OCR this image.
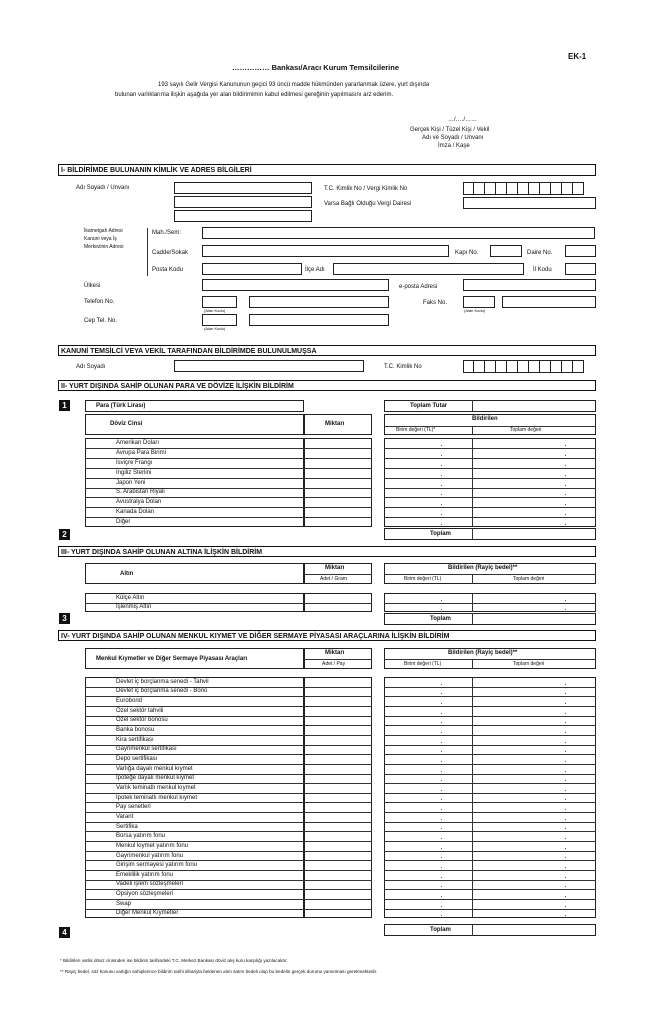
EK-1
…………… Bankası/Aracı Kurum Temsilcilerine
193 sayılı Gelir Vergisi Kanununun geçici 93 üncü madde hükmünden yararlanmak üzere, yurt dışında
bulunan varlıklarıma ilişkin aşağıda yer alan bildirimimin kabul edilmesi gereğinin yapılmasını arz ederim.
…/…./……
Gerçek Kişi / Tüzel Kişi / Vekil
Adı ve Soyadı / Unvanı
İmza / Kaşe
I- BİLDİRİMDE BULUNANIN KİMLİK VE ADRES BİLGİLERİ
Adı Soyadı / Unvanı	T.C. Kimlik No / Vergi Kimlik No
Varsa Bağlı Olduğu Vergi Dairesi
İkametgah Adresi
Kanuni veya İş
Merkezinin Adresi
Mah./Sem:
Cadde/Sokak	Kapı No.	Daire No.
Posta Kodu	İlçe Adı	İl Kodu
Ülkesi	e-posta Adresi
Telefon No.
(Alan Kodu)
Faks No.
(Alan Kodu)
Cep Tel. No.
(Alan Kodu)
KANUNİ TEMSİLCİ VEYA VEKİL TARAFINDAN BİLDİRİMDE BULUNULMUŞSA
Adı Soyadı	T.C. Kimlik No
II- YURT DIŞINDA SAHİP OLUNAN PARA VE DÖVİZE İLİŞKİN BİLDİRİM
1	Para (Türk Lirası)	Toplam Tutar
Döviz Cinsi	Miktarı
Bildirilen
Birim değeri (TL)*	Toplam değeri
Amerikan Doları
Avrupa Para Birimi
İsviçre Frangı
İngiliz Sterlini
Japon Yeni
S. Arabistan Riyali
Avustralya Doları
Kanada Doları
Diğer
2	Toplam
III- YURT DIŞINDA SAHİP OLUNAN ALTINA İLİŞKİN BİLDİRİM
Altın
Miktarı
Adet / Gram
Bildirilen (Rayiç bedel)**
Birim değeri (TL)	Toplam değeri
Külçe Altın
İşlenmiş Altın
3	Toplam
IV- YURT DIŞINDA SAHİP OLUNAN MENKUL KIYMET VE DİĞER SERMAYE PİYASASI ARAÇLARINA İLİŞKİN BİLDİRİM
Menkul Kıymetler ve Diğer Sermaye Piyasası Araçları
Miktarı
Adet / Pay
Bildirilen (Rayiç bedel)**
Birim değeri (TL)	Toplam değeri
Devlet iç borçlanma senedi - Tahvil
Devlet iç borçlanma senedi - Bono
Eurobond
Özel sektör tahvili
Özel sektör bonosu
Banka bonosu
Kira sertifikası
Gayrimenkul sertifikası
Depo sertifikası
Varlığa dayalı menkul kıymet
İpoteğe dayalı menkul kıymet
Varlık teminatlı menkul kıymet
İpotek teminatlı menkul kıymet
Pay senetleri
Varant
Sertifika
Borsa yatırım fonu
Menkul kıymet yatırım fonu
Gayrimenkul yatırım fonu
Girişim sermayesi yatırım fonu
Emeklilik yatırım fonu
Vadeli işlem sözleşmeleri
Opsiyon sözleşmeleri
Swap
Diğer Menkul Kıymetler
4	Toplam
* Bildirilen varlık döviz cinsinden ise bildirim tarihindeki T.C. Merkez Bankası döviz alış kuru karşılığı yazılacaktır.
** Rayiç bedel, söz konusu varlığın sahiplerince bildirim tarihi itibariyla beklenen alım satım bedeli olup bu bedelin gerçek durumu yansıtması gerekmektedir.
